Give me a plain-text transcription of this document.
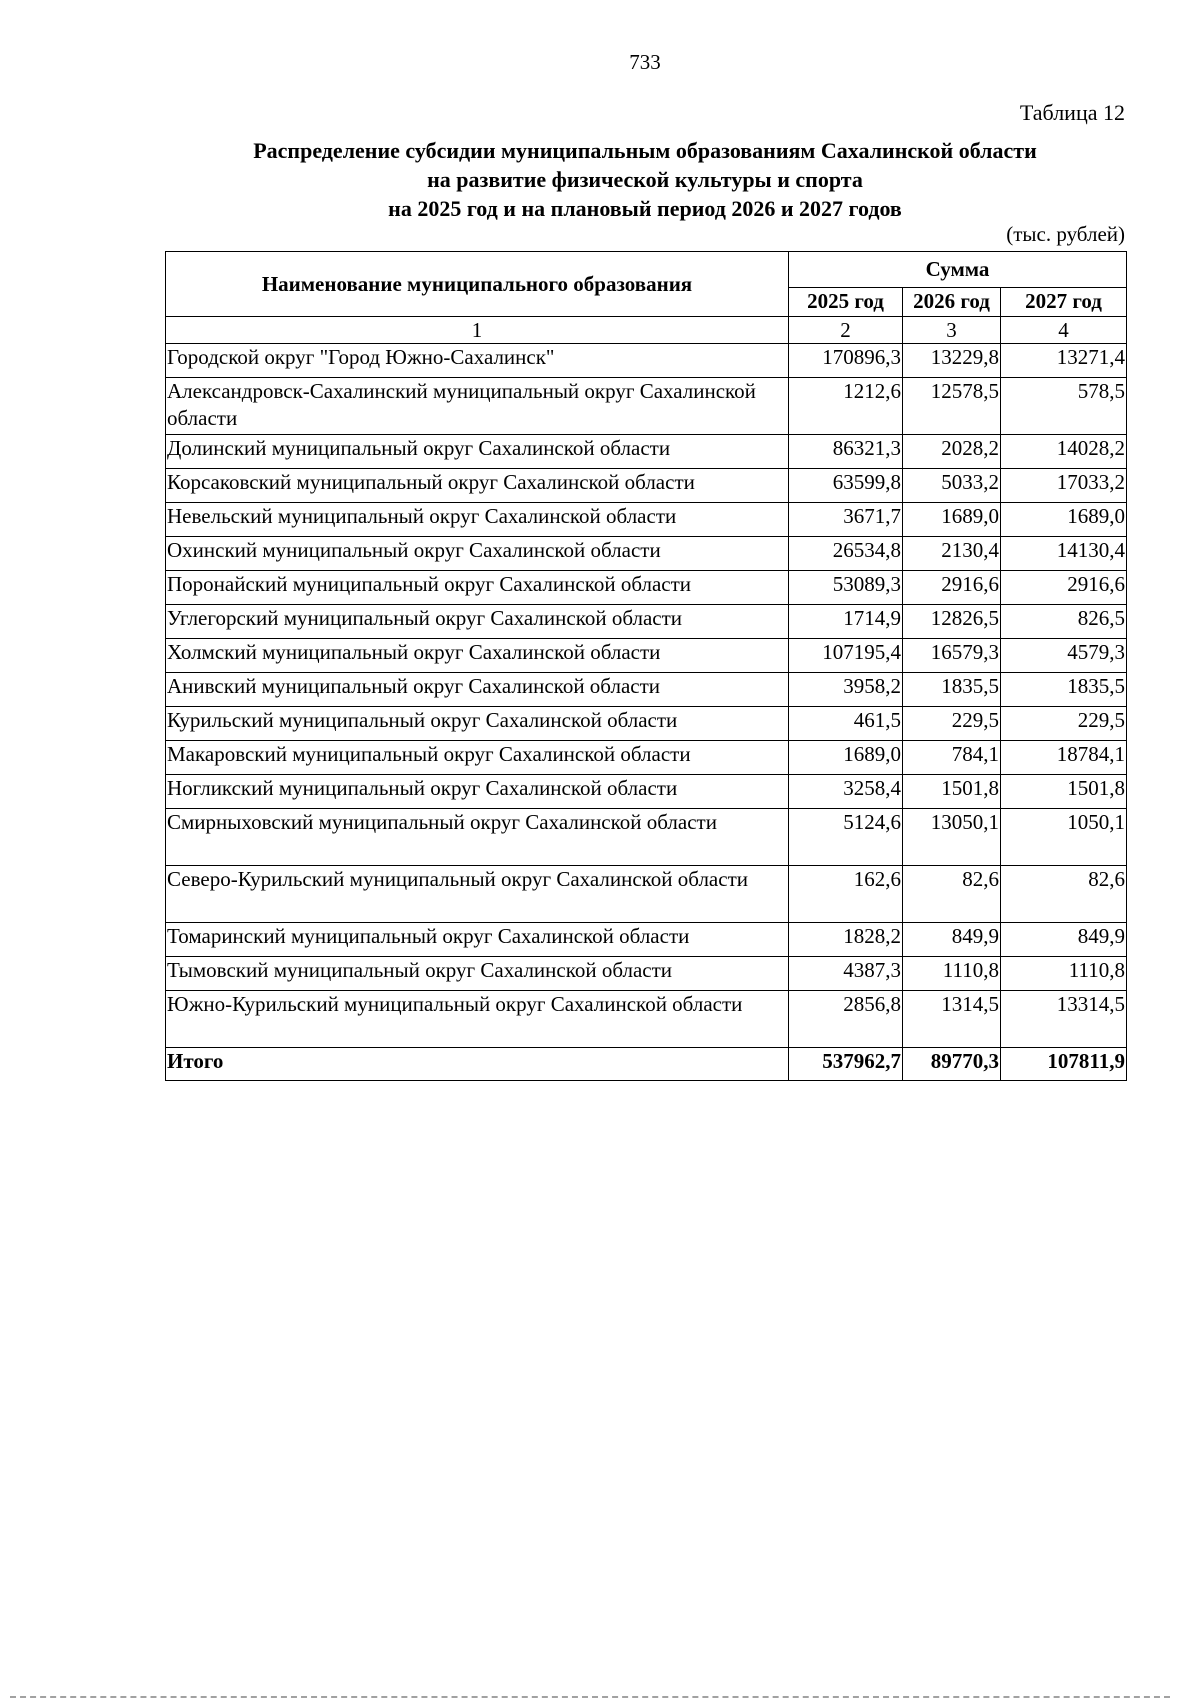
733
Таблица 12
Распределение субсидии муниципальным образованиям Сахалинской области
на развитие физической культуры и спорта
на 2025 год и на плановый период 2026 и 2027 годов
(тыс. рублей)
Наименование муниципального образования	Сумма		
	2025 год	2026 год	2027 год
1	2	3	4
Городской округ "Город Южно-Сахалинск"	170896,3	13229,8	13271,4
Александровск-Сахалинский муниципальный округ Сахалинской области	1212,6	12578,5	578,5
Долинский муниципальный округ Сахалинской области	86321,3	2028,2	14028,2
Корсаковский муниципальный округ Сахалинской области	63599,8	5033,2	17033,2
Невельский муниципальный округ Сахалинской области	3671,7	1689,0	1689,0
Охинский муниципальный округ Сахалинской области	26534,8	2130,4	14130,4
Поронайский муниципальный округ Сахалинской области	53089,3	2916,6	2916,6
Углегорский муниципальный округ Сахалинской области	1714,9	12826,5	826,5
Холмский муниципальный округ Сахалинской области	107195,4	16579,3	4579,3
Анивский муниципальный округ Сахалинской области	3958,2	1835,5	1835,5
Курильский муниципальный округ Сахалинской области	461,5	229,5	229,5
Макаровский муниципальный округ Сахалинской области	1689,0	784,1	18784,1
Ногликский муниципальный округ Сахалинской области	3258,4	1501,8	1501,8
Смирныховский муниципальный округ Сахалинской области	5124,6	13050,1	1050,1
Северо-Курильский муниципальный округ Сахалинской области	162,6	82,6	82,6
Томаринский муниципальный округ Сахалинской области	1828,2	849,9	849,9
Тымовский муниципальный округ Сахалинской области	4387,3	1110,8	1110,8
Южно-Курильский муниципальный округ Сахалинской области	2856,8	1314,5	13314,5
Итого	537962,7	89770,3	107811,9
